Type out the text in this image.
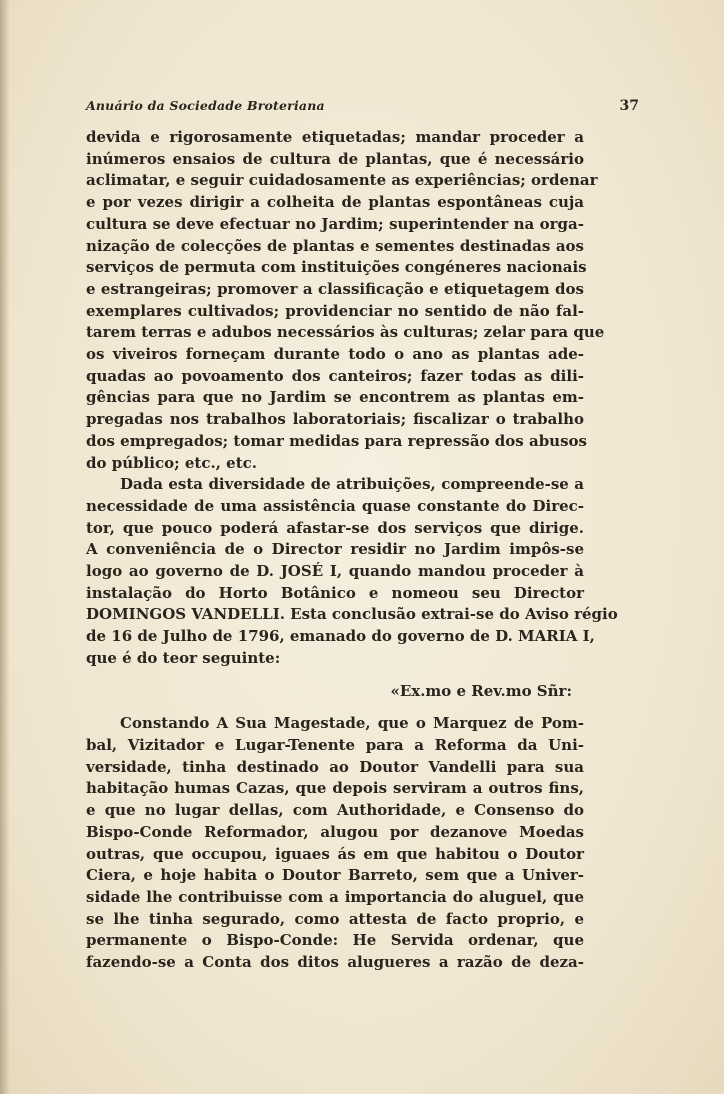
Anuário da Sociedade Broteriana	37
devida e rigorosamente etiquetadas; mandar proceder a
inúmeros ensaios de cultura de plantas, que é necessário
aclimatar, e seguir cuidadosamente as experiências; ordenar
e por vezes dirigir a colheita de plantas espontâneas cuja
cultura se deve efectuar no Jardim; superintender na orga-
nização de colecções de plantas e sementes destinadas aos
serviços de permuta com instituições congéneres nacionais
e estrangeiras; promover a classificação e etiquetagem dos
exemplares cultivados; providenciar no sentido de não fal-
tarem terras e adubos necessários às culturas; zelar para que
os viveiros forneçam durante todo o ano as plantas ade-
quadas ao povoamento dos canteiros; fazer todas as dili-
gências para que no Jardim se encontrem as plantas em-
pregadas nos trabalhos laboratoriais; fiscalizar o trabalho
dos empregados; tomar medidas para repressão dos abusos
do público; etc., etc.
Dada esta diversidade de atribuições, compreende-se a
necessidade de uma assistência quase constante do Direc-
tor, que pouco poderá afastar-se dos serviços que dirige.
A conveniência de o Director residir no Jardim impôs-se
logo ao governo de D. JOSÉ I, quando mandou proceder à
instalação do Horto Botânico e nomeou seu Director
DOMINGOS VANDELLI. Esta conclusão extrai-se do Aviso régio
de 16 de Julho de 1796, emanado do governo de D. MARIA I,
que é do teor seguinte:
«Ex.mo e Rev.mo Sñr:
Constando A Sua Magestade, que o Marquez de Pom-
bal, Vizitador e Lugar-Tenente para a Reforma da Uni-
versidade, tinha destinado ao Doutor Vandelli para sua
habitação humas Cazas, que depois serviram a outros fins,
e que no lugar dellas, com Authoridade, e Consenso do
Bispo-Conde Reformador, alugou por dezanove Moedas
outras, que occupou, iguaes ás em que habitou o Doutor
Ciera, e hoje habita o Doutor Barreto, sem que a Univer-
sidade lhe contribuisse com a importancia do aluguel, que
se lhe tinha segurado, como attesta de facto proprio, e
permanente o Bispo-Conde: He Servida ordenar, que
fazendo-se a Conta dos ditos alugueres a razão de deza-
